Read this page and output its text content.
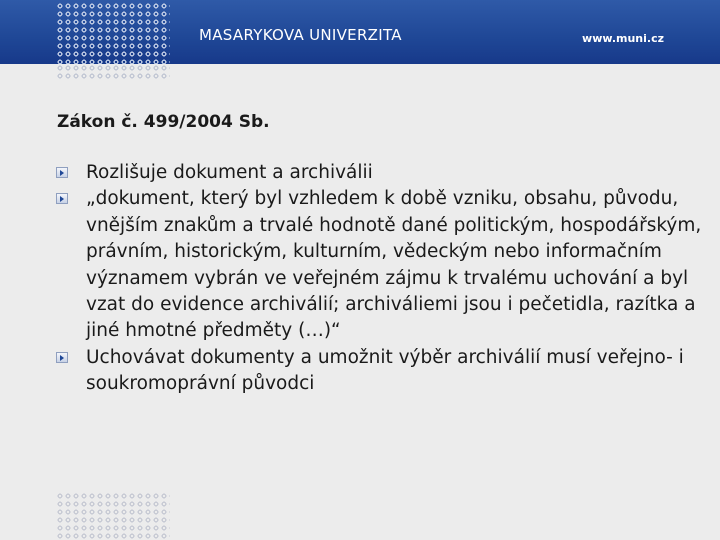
MASARYKOVA UNIVERZITA	www.muni.cz
Zákon č. 499/2004 Sb.
Rozlišuje dokument a archiválii
„dokument, který byl vzhledem k době vzniku, obsahu, původu, vnějším znakům a trvalé hodnotě dané politickým, hospodářským, právním, historickým, kulturním, vědeckým nebo informačním významem vybrán ve veřejném zájmu k trvalému uchování a byl vzat do evidence archiválií; archiváliemi jsou i pečetidla, razítka a jiné hmotné předměty (…)“
Uchovávat dokumenty a umožnit výběr archiválií musí veřejno- i soukromoprávní původci
